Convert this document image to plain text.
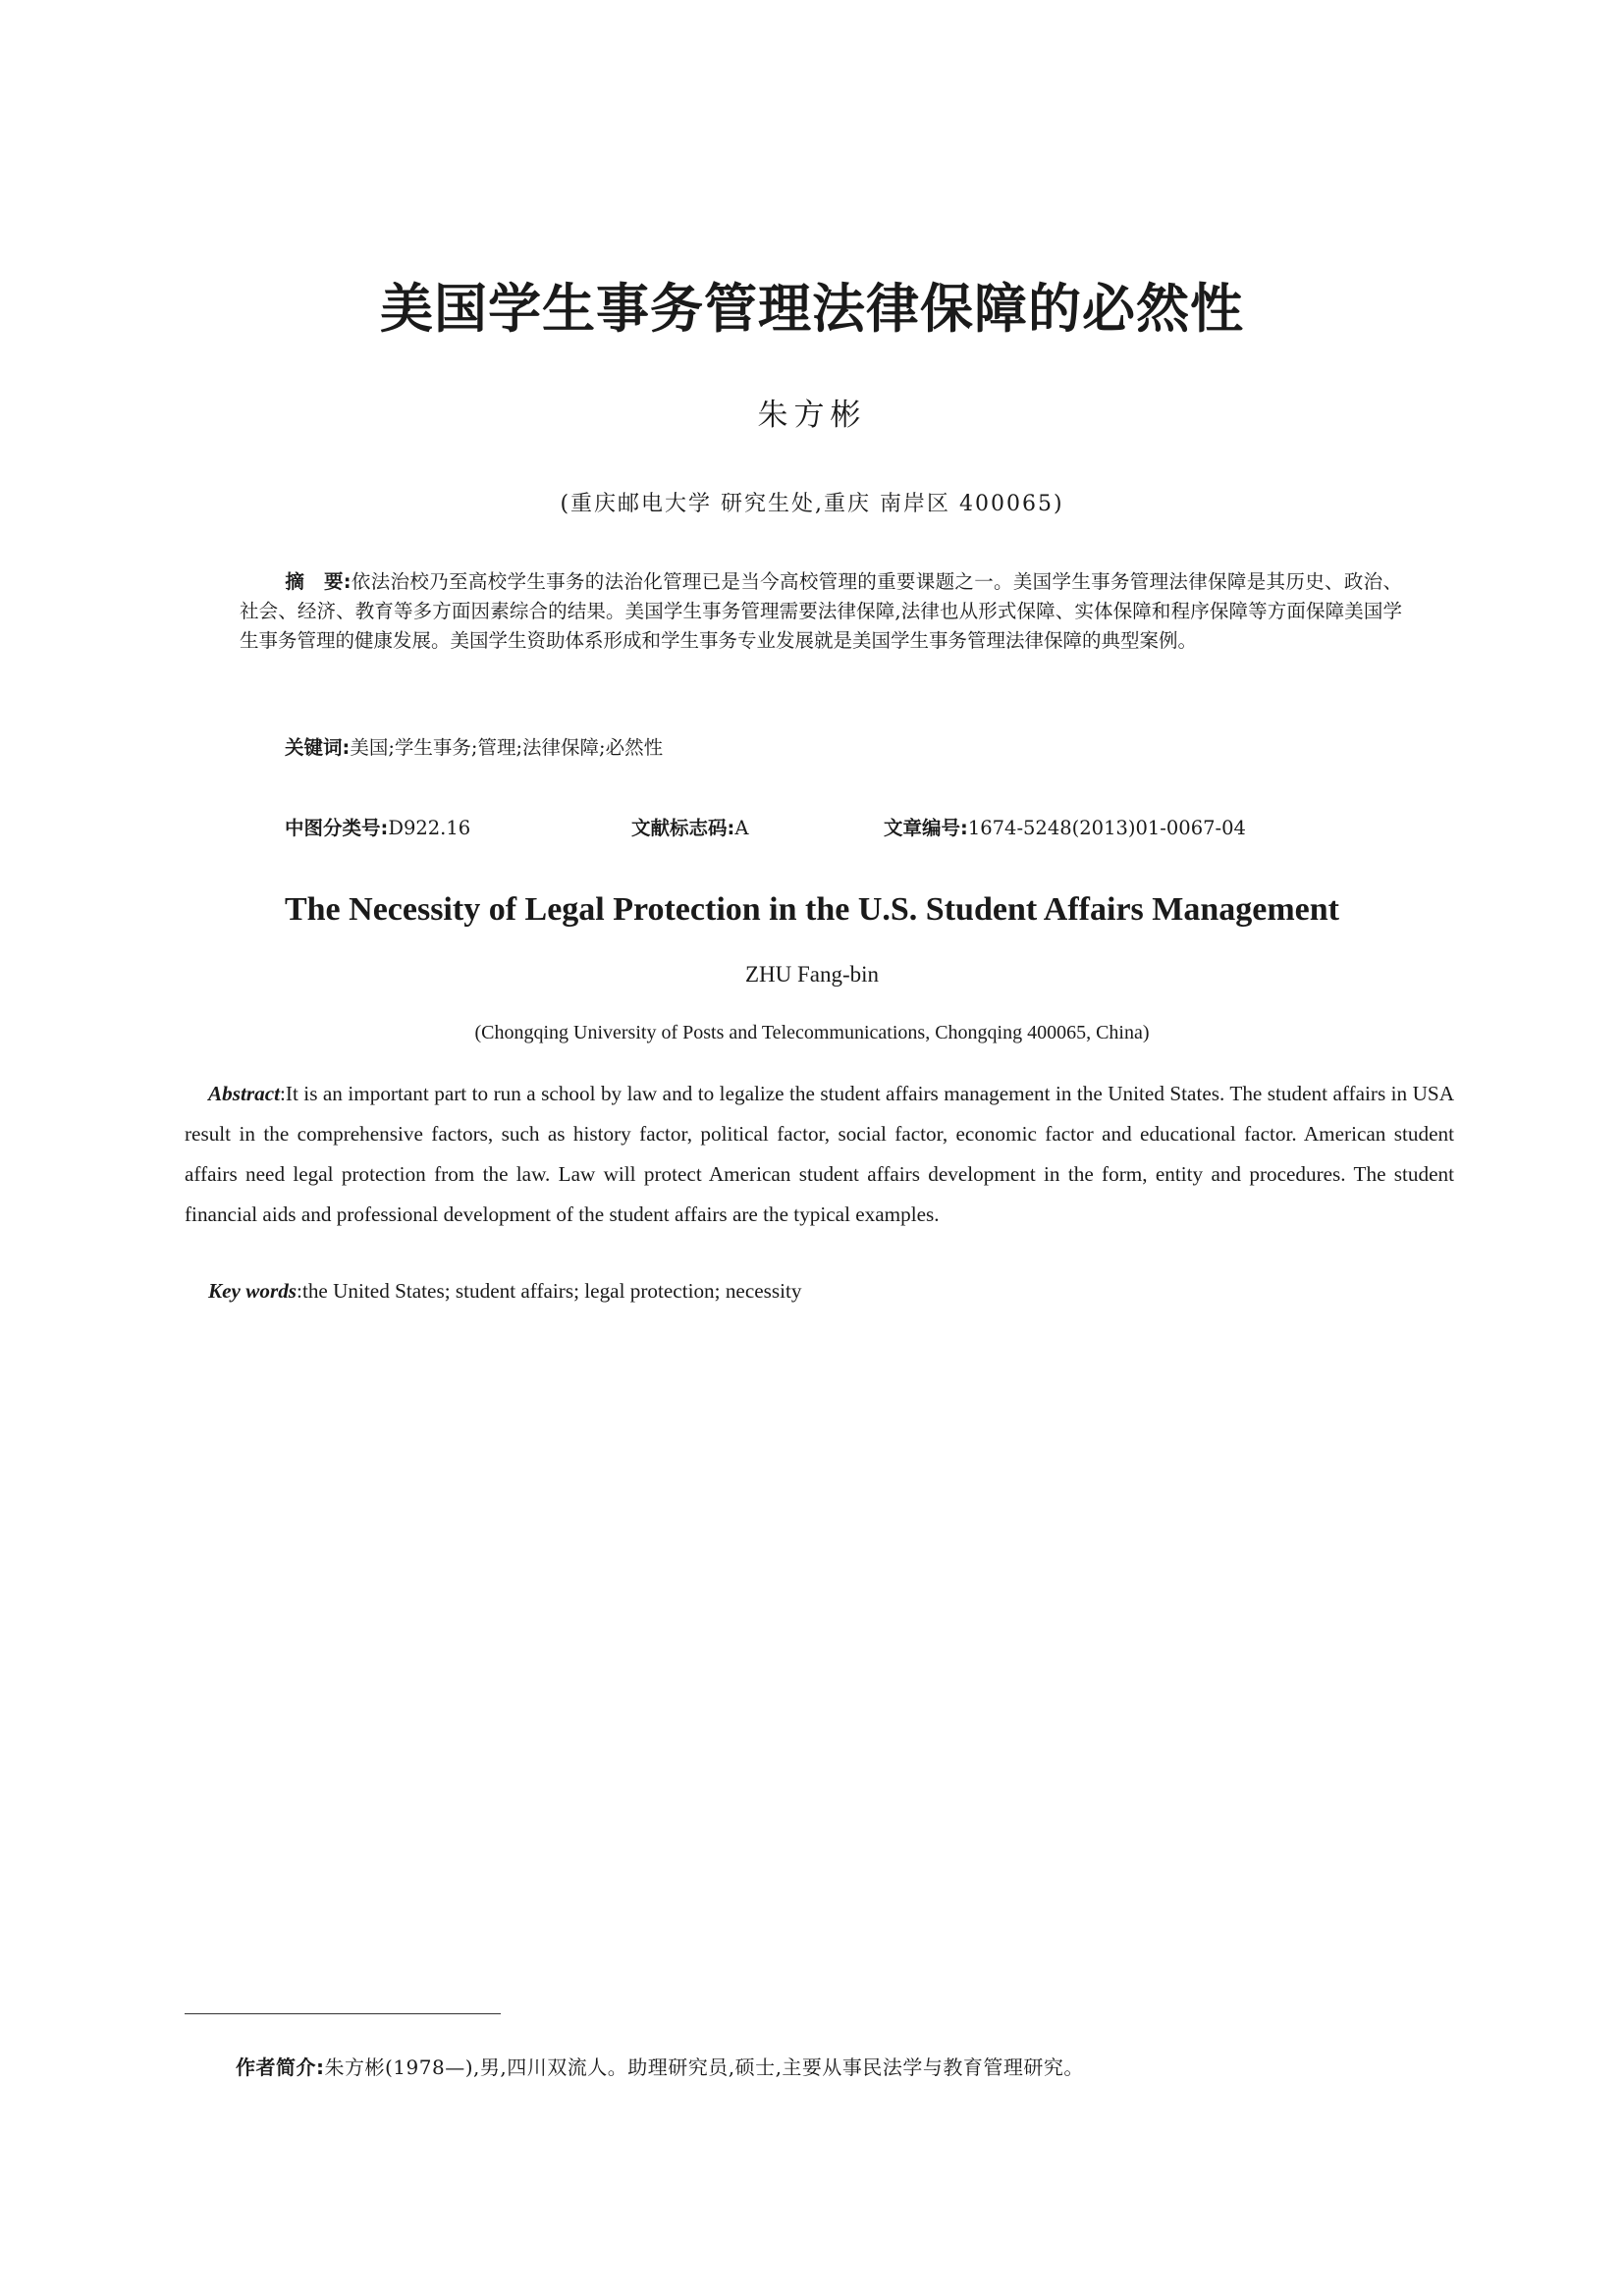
美国学生事务管理法律保障的必然性
朱方彬
(重庆邮电大学 研究生处,重庆 南岸区 400065)
摘　要:依法治校乃至高校学生事务的法治化管理已是当今高校管理的重要课题之一。美国学生事务管理法律保障是其历史、政治、社会、经济、教育等多方面因素综合的结果。美国学生事务管理需要法律保障,法律也从形式保障、实体保障和程序保障等方面保障美国学生事务管理的健康发展。美国学生资助体系形成和学生事务专业发展就是美国学生事务管理法律保障的典型案例。
关键词:美国;学生事务;管理;法律保障;必然性
中图分类号:D922.16	文献标志码:A	文章编号:1674-5248(2013)01-0067-04
The Necessity of Legal Protection in the U.S. Student Affairs Management
ZHU Fang-bin
(Chongqing University of Posts and Telecommunications, Chongqing 400065, China)
Abstract:It is an important part to run a school by law and to legalize the student affairs management in the United States. The student affairs in USA result in the comprehensive factors, such as history factor, political factor, social factor, economic factor and educational factor. American student affairs need legal protection from the law. Law will protect American student affairs development in the form, entity and procedures. The student financial aids and professional development of the student affairs are the typical examples.
Key words:the United States; student affairs; legal protection; necessity
作者简介:朱方彬(1978—),男,四川双流人。助理研究员,硕士,主要从事民法学与教育管理研究。
